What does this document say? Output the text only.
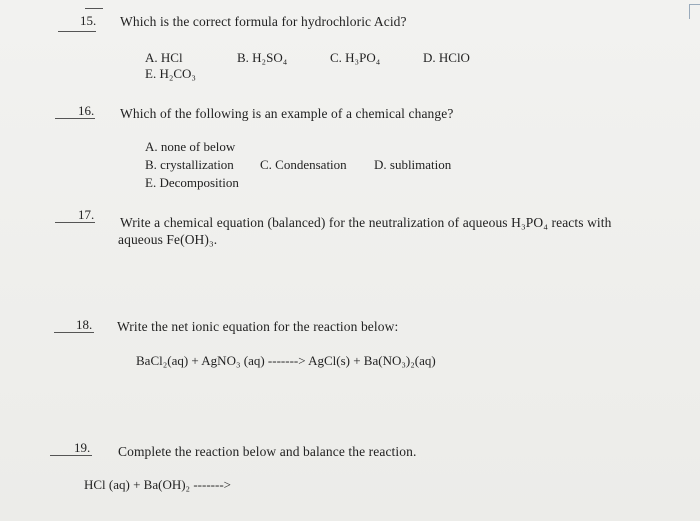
15. Which is the correct formula for hydrochloric Acid?
A. HCl	B. H₂SO₄	C. H₃PO₄	D. HClO
E. H₂CO₃
16. Which of the following is an example of a chemical change?
A. none of below
B. crystallization C. Condensation D. sublimation
E. Decomposition
17.
Write a chemical equation (balanced) for the neutralization of aqueous H₃PO₄ reacts with
aqueous Fe(OH)₃.
18. Write the net ionic equation for the reaction below:
BaCl₂(aq) + AgNO₃ (aq) -------> AgCl(s) + Ba(NO₃)₂(aq)
19. Complete the reaction below and balance the reaction.
HCl (aq) + Ba(OH)₂ ------->
